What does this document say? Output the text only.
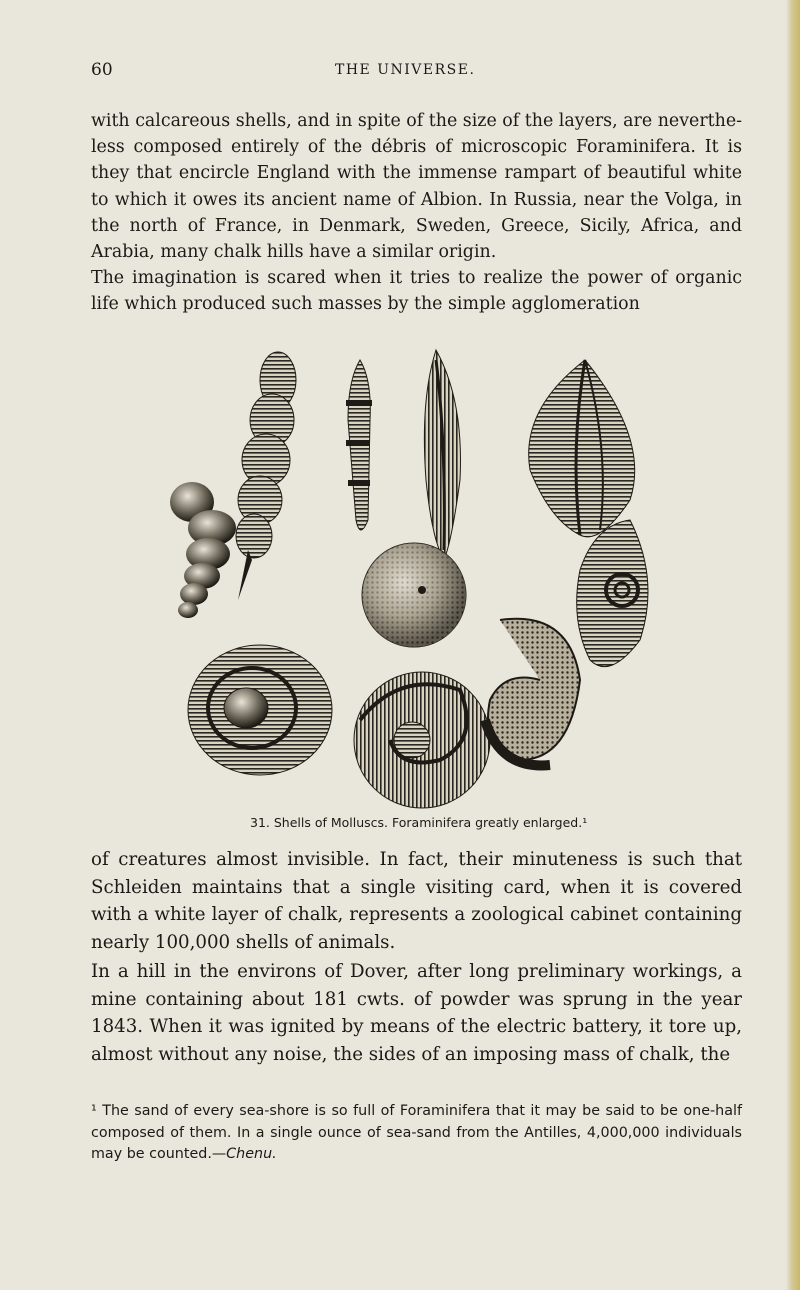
60	THE UNIVERSE.

with calcareous shells, and in spite of the size of the layers, are neverthe-less composed entirely of the débris of microscopic Foraminifera. It is they that encircle England with the immense rampart of beautiful white to which it owes its ancient name of Albion. In Russia, near the Volga, in the north of France, in Denmark, Sweden, Greece, Sicily, Africa, and Arabia, many chalk hills have a similar origin.

The imagination is scared when it tries to realize the power of organic life which produced such masses by the simple agglomeration

31. Shells of Molluscs. Foraminifera greatly enlarged.¹

of creatures almost invisible. In fact, their minuteness is such that Schleiden maintains that a single visiting card, when it is covered with a white layer of chalk, represents a zoological cabinet containing nearly 100,000 shells of animals.

In a hill in the environs of Dover, after long preliminary workings, a mine containing about 181 cwts. of powder was sprung in the year 1843. When it was ignited by means of the electric battery, it tore up, almost without any noise, the sides of an imposing mass of chalk, the

¹ The sand of every sea-shore is so full of Foraminifera that it may be said to be one-half composed of them. In a single ounce of sea-sand from the Antilles, 4,000,000 individuals may be counted.—Chenu.
